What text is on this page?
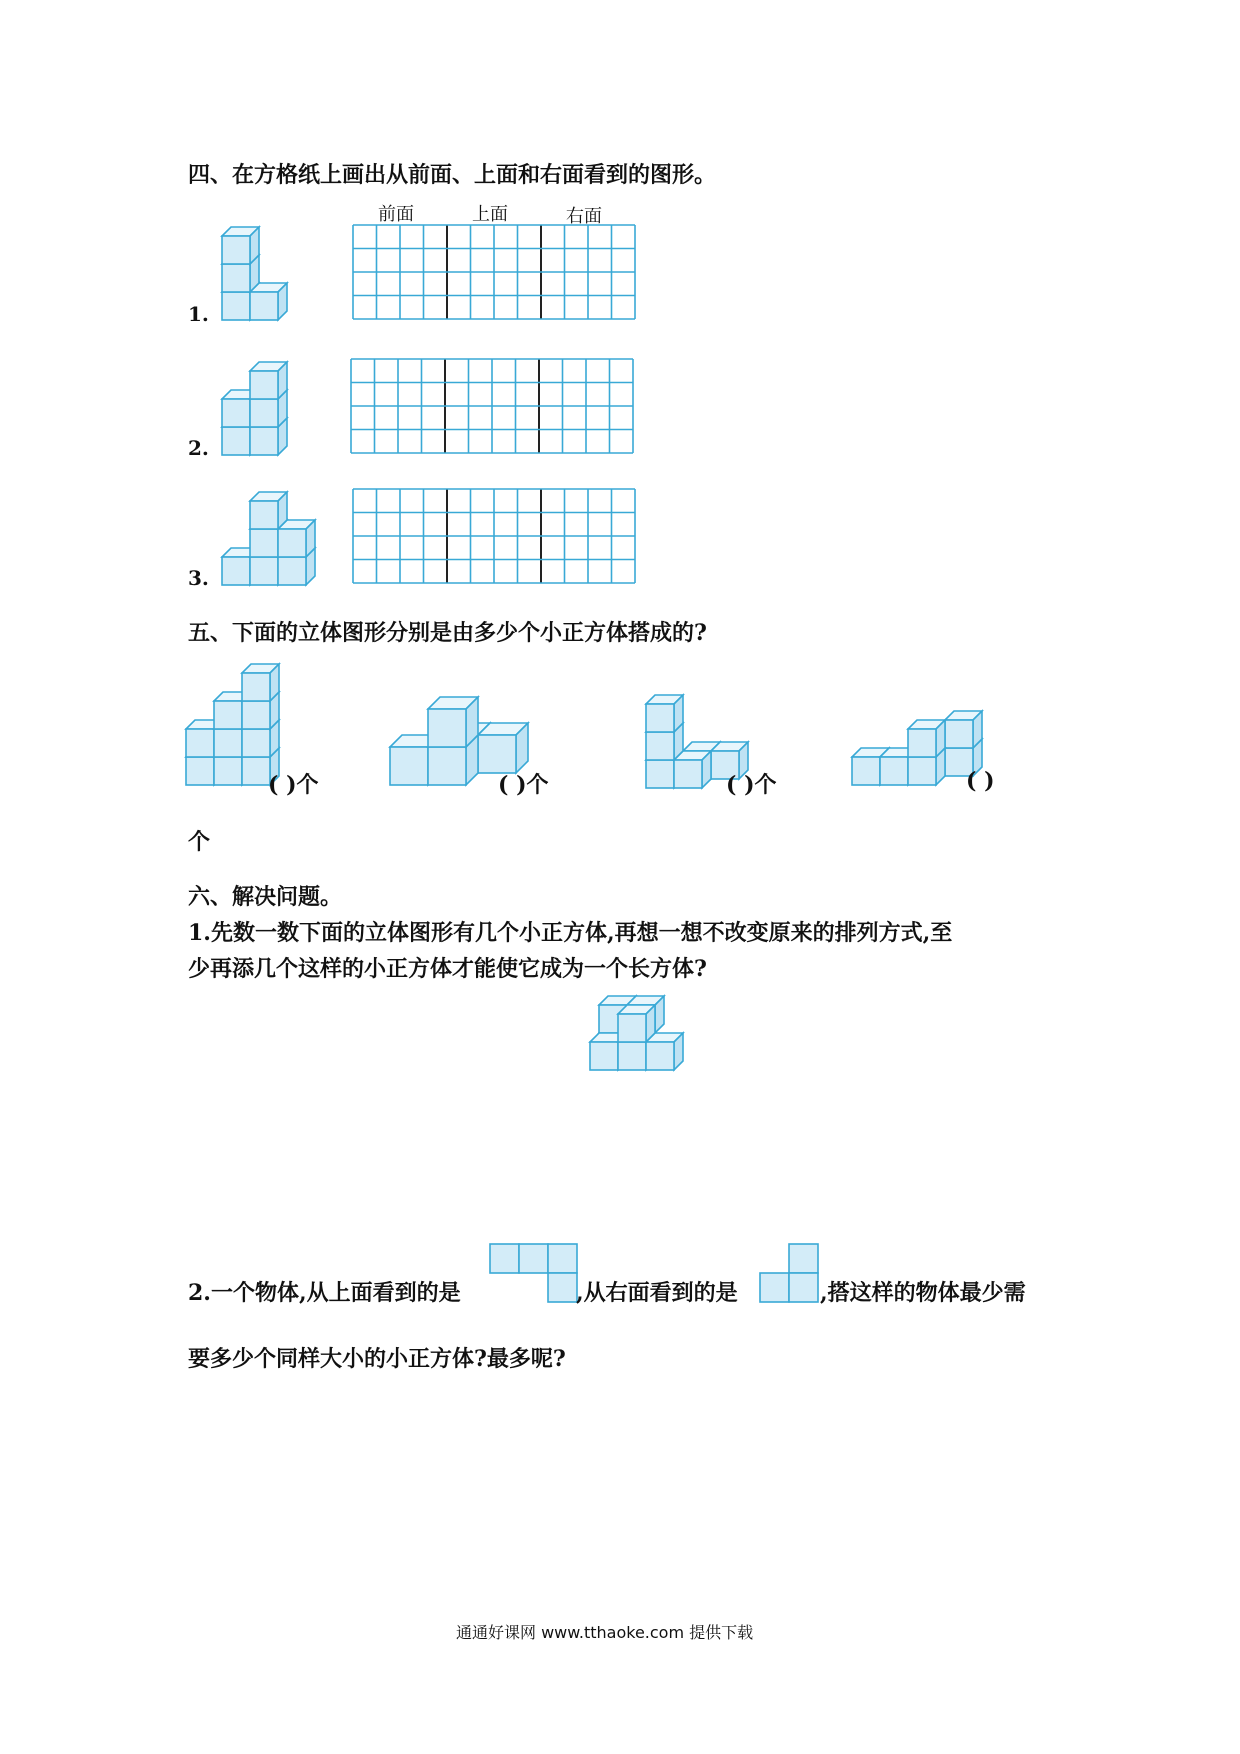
四、在方格纸上画出从前面、上面和右面看到的图形。
前面	上面	右面
1.
2.
3.
五、下面的立体图形分别是由多少个小正方体搭成的?
( )个	( )个	( )个	( )
个
六、解决问题。
1.先数一数下面的立体图形有几个小正方体,再想一想不改变原来的排列方式,至
少再添几个这样的小正方体才能使它成为一个长方体?
2.一个物体,从上面看到的是	,从右面看到的是	,搭这样的物体最少需
要多少个同样大小的小正方体?最多呢?
通通好课网 www.tthaoke.com 提供下载
